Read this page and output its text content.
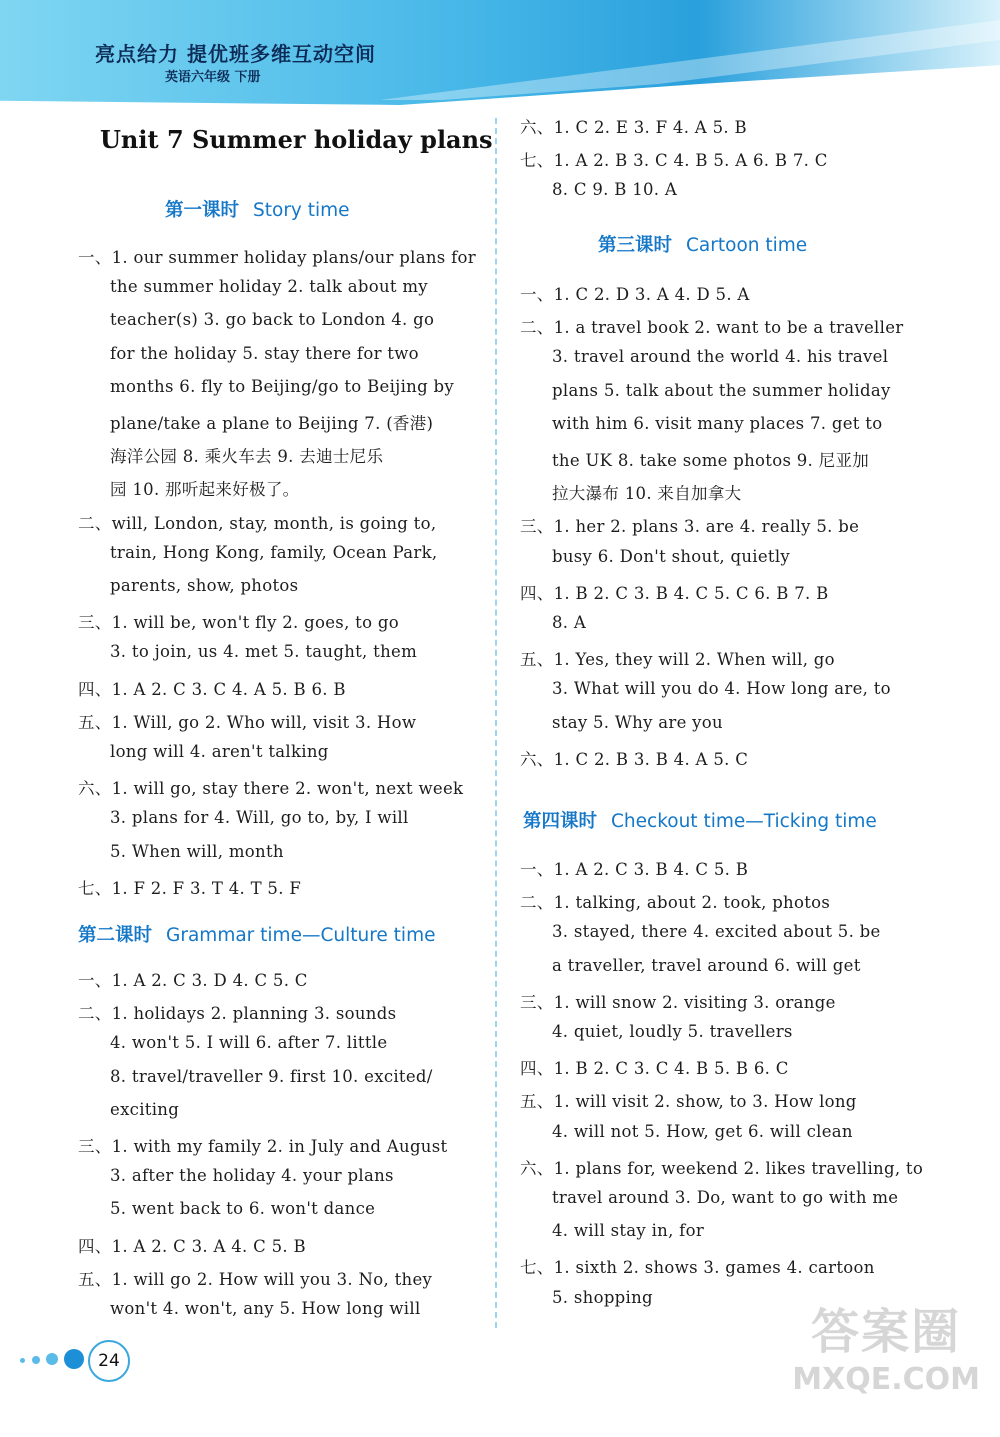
亮点给力 提优班多维互动空间
英语六年级 下册
Unit 7 Summer holiday plans
第一课时 Story time
一、1. our summer holiday plans/our plans for
the summer holiday 2. talk about my
teacher(s) 3. go back to London 4. go
for the holiday 5. stay there for two
months 6. fly to Beijing/go to Beijing by
plane/take a plane to Beijing 7. (香港)
海洋公园 8. 乘火车去 9. 去迪士尼乐
园 10. 那听起来好极了。
二、will, London, stay, month, is going to,
train, Hong Kong, family, Ocean Park,
parents, show, photos
三、1. will be, won't fly 2. goes, to go
3. to join, us 4. met 5. taught, them
四、1. A 2. C 3. C 4. A 5. B 6. B
五、1. Will, go 2. Who will, visit 3. How
long will 4. aren't talking
六、1. will go, stay there 2. won't, next week
3. plans for 4. Will, go to, by, I will
5. When will, month
七、1. F 2. F 3. T 4. T 5. F
第二课时 Grammar time—Culture time
一、1. A 2. C 3. D 4. C 5. C
二、1. holidays 2. planning 3. sounds
4. won't 5. I will 6. after 7. little
8. travel/traveller 9. first 10. excited/
exciting
三、1. with my family 2. in July and August
3. after the holiday 4. your plans
5. went back to 6. won't dance
四、1. A 2. C 3. A 4. C 5. B
五、1. will go 2. How will you 3. No, they
won't 4. won't, any 5. How long will
六、1. C 2. E 3. F 4. A 5. B
七、1. A 2. B 3. C 4. B 5. A 6. B 7. C
8. C 9. B 10. A
第三课时 Cartoon time
一、1. C 2. D 3. A 4. D 5. A
二、1. a travel book 2. want to be a traveller
3. travel around the world 4. his travel
plans 5. talk about the summer holiday
with him 6. visit many places 7. get to
the UK 8. take some photos 9. 尼亚加
拉大瀑布 10. 来自加拿大
三、1. her 2. plans 3. are 4. really 5. be
busy 6. Don't shout, quietly
四、1. B 2. C 3. B 4. C 5. C 6. B 7. B
8. A
五、1. Yes, they will 2. When will, go
3. What will you do 4. How long are, to
stay 5. Why are you
六、1. C 2. B 3. B 4. A 5. C
第四课时 Checkout time—Ticking time
一、1. A 2. C 3. B 4. C 5. B
二、1. talking, about 2. took, photos
3. stayed, there 4. excited about 5. be
a traveller, travel around 6. will get
三、1. will snow 2. visiting 3. orange
4. quiet, loudly 5. travellers
四、1. B 2. C 3. C 4. B 5. B 6. C
五、1. will visit 2. show, to 3. How long
4. will not 5. How, get 6. will clean
六、1. plans for, weekend 2. likes travelling, to
travel around 3. Do, want to go with me
4. will stay in, for
七、1. sixth 2. shows 3. games 4. cartoon
5. shopping
24
答案圈
MXQE.COM
